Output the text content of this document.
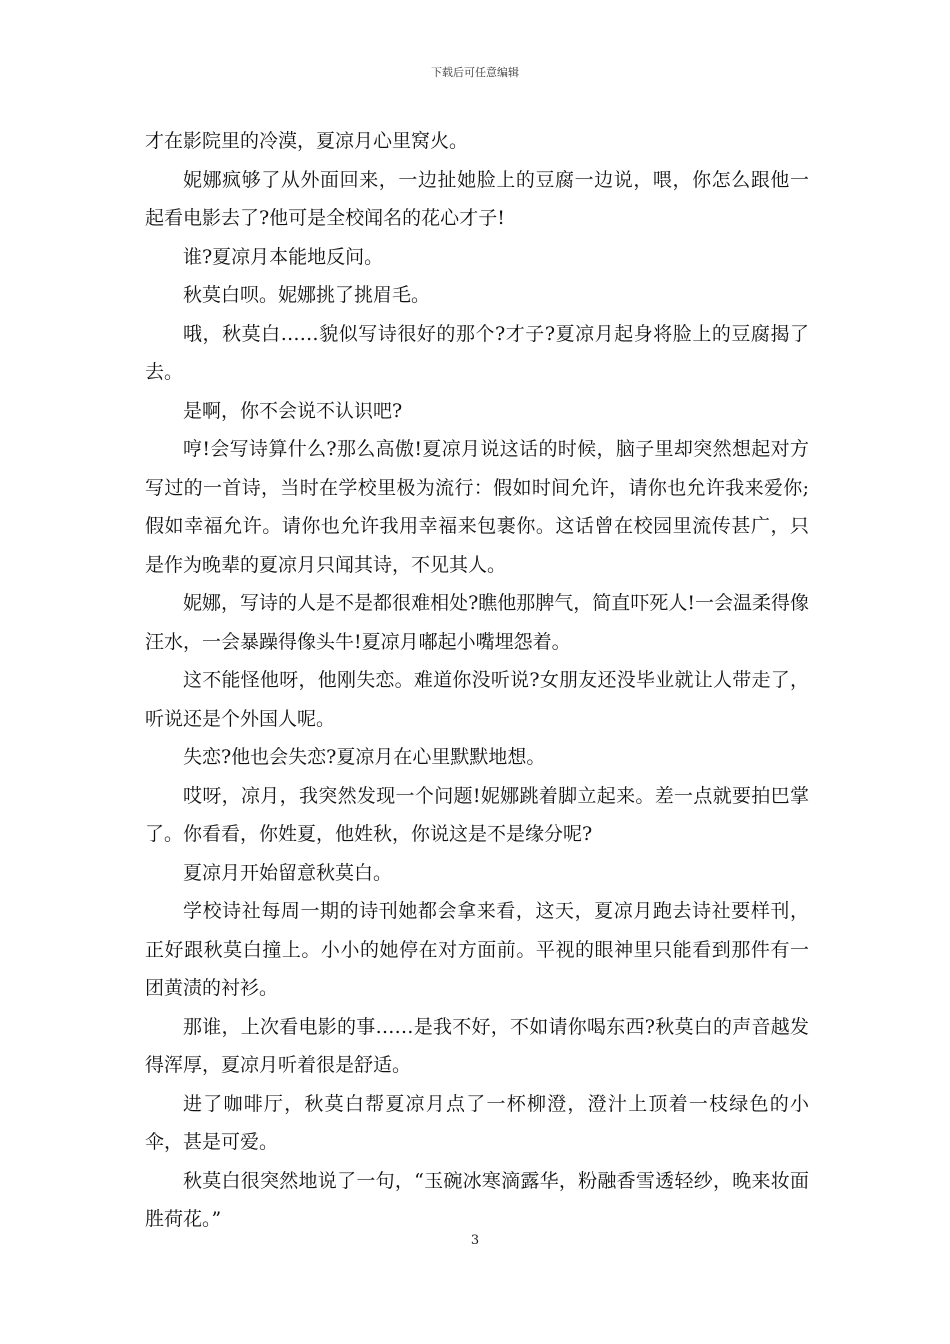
下载后可任意编辑

才在影院里的冷漠，夏凉月心里窝火。

妮娜疯够了从外面回来，一边扯她脸上的豆腐一边说，喂，你怎么跟他一起看电影去了?他可是全校闻名的花心才子!

谁?夏凉月本能地反问。

秋莫白呗。妮娜挑了挑眉毛。

哦，秋莫白……貌似写诗很好的那个?才子?夏凉月起身将脸上的豆腐揭了去。

是啊，你不会说不认识吧?

哼!会写诗算什么?那么高傲!夏凉月说这话的时候，脑子里却突然想起对方写过的一首诗，当时在学校里极为流行：假如时间允许，请你也允许我来爱你;假如幸福允许。请你也允许我用幸福来包裹你。这话曾在校园里流传甚广，只是作为晚辈的夏凉月只闻其诗，不见其人。

妮娜，写诗的人是不是都很难相处?瞧他那脾气，简直吓死人!一会温柔得像汪水，一会暴躁得像头牛!夏凉月嘟起小嘴埋怨着。

这不能怪他呀，他刚失恋。难道你没听说?女朋友还没毕业就让人带走了，听说还是个外国人呢。

失恋?他也会失恋?夏凉月在心里默默地想。

哎呀，凉月，我突然发现一个问题!妮娜跳着脚立起来。差一点就要拍巴掌了。你看看，你姓夏，他姓秋，你说这是不是缘分呢?

夏凉月开始留意秋莫白。

学校诗社每周一期的诗刊她都会拿来看，这天，夏凉月跑去诗社要样刊，正好跟秋莫白撞上。小小的她停在对方面前。平视的眼神里只能看到那件有一团黄渍的衬衫。

那谁，上次看电影的事……是我不好，不如请你喝东西?秋莫白的声音越发得浑厚，夏凉月听着很是舒适。

进了咖啡厅，秋莫白帮夏凉月点了一杯柳澄，澄汁上顶着一枝绿色的小伞，甚是可爱。

秋莫白很突然地说了一句，“玉碗冰寒滴露华，粉融香雪透轻纱，晚来妆面胜荷花。”

3
